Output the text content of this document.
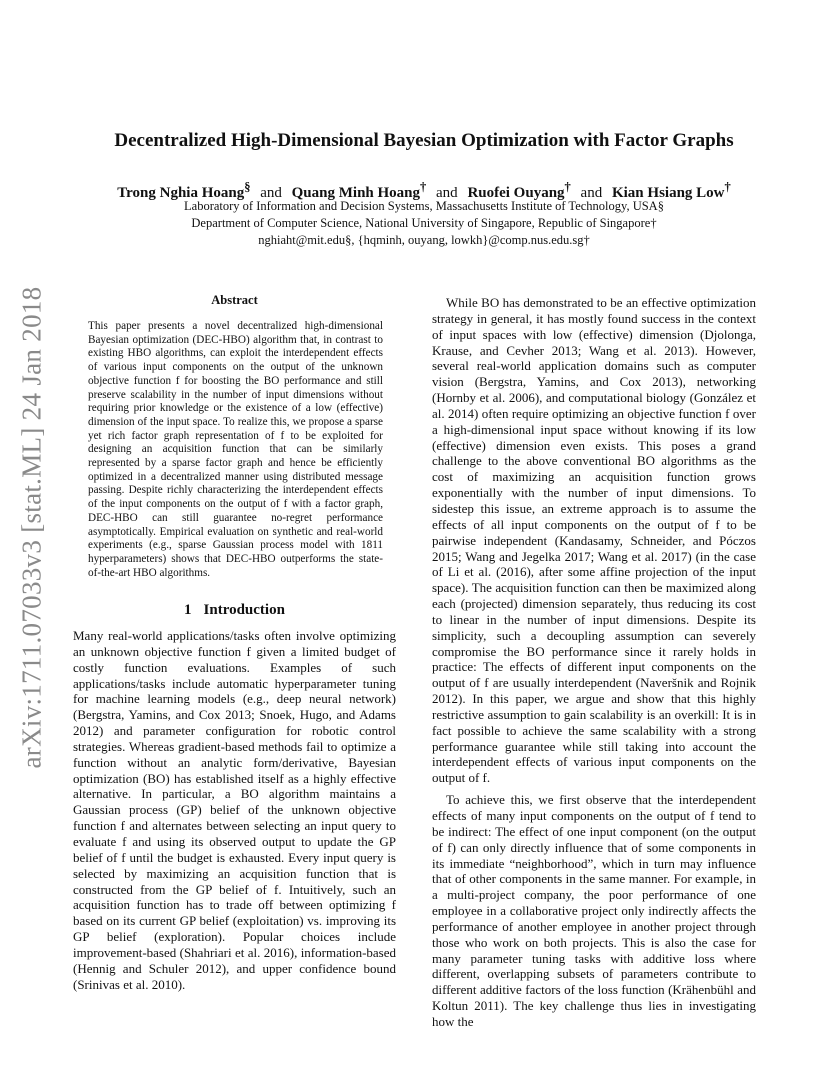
arXiv:1711.07033v3 [stat.ML] 24 Jan 2018
Decentralized High-Dimensional Bayesian Optimization with Factor Graphs
Trong Nghia Hoang§ and Quang Minh Hoang† and Ruofei Ouyang† and Kian Hsiang Low†
Laboratory of Information and Decision Systems, Massachusetts Institute of Technology, USA§
Department of Computer Science, National University of Singapore, Republic of Singapore†
nghiaht@mit.edu§, {hqminh, ouyang, lowkh}@comp.nus.edu.sg†
Abstract
This paper presents a novel decentralized high-dimensional Bayesian optimization (DEC-HBO) algorithm that, in contrast to existing HBO algorithms, can exploit the interdependent effects of various input components on the output of the unknown objective function f for boosting the BO performance and still preserve scalability in the number of input dimensions without requiring prior knowledge or the existence of a low (effective) dimension of the input space. To realize this, we propose a sparse yet rich factor graph representation of f to be exploited for designing an acquisition function that can be similarly represented by a sparse factor graph and hence be efficiently optimized in a decentralized manner using distributed message passing. Despite richly characterizing the interdependent effects of the input components on the output of f with a factor graph, DEC-HBO can still guarantee no-regret performance asymptotically. Empirical evaluation on synthetic and real-world experiments (e.g., sparse Gaussian process model with 1811 hyperparameters) shows that DEC-HBO outperforms the state-of-the-art HBO algorithms.
1 Introduction

Many real-world applications/tasks often involve optimizing an unknown objective function f given a limited budget of costly function evaluations. Examples of such applications/tasks include automatic hyperparameter tuning for machine learning models (e.g., deep neural network) (Bergstra, Yamins, and Cox 2013; Snoek, Hugo, and Adams 2012) and parameter configuration for robotic control strategies. Whereas gradient-based methods fail to optimize a function without an analytic form/derivative, Bayesian optimization (BO) has established itself as a highly effective alternative. In particular, a BO algorithm maintains a Gaussian process (GP) belief of the unknown objective function f and alternates between selecting an input query to evaluate f and using its observed output to update the GP belief of f until the budget is exhausted. Every input query is selected by maximizing an acquisition function that is constructed from the GP belief of f. Intuitively, such an acquisition function has to trade off between optimizing f based on its current GP belief (exploitation) vs. improving its GP belief (exploration). Popular choices include improvement-based (Shahriari et al. 2016), information-based (Hennig and Schuler 2012), and upper confidence bound (Srinivas et al. 2010).

While BO has demonstrated to be an effective optimization strategy in general, it has mostly found success in the context of input spaces with low (effective) dimension (Djolonga, Krause, and Cevher 2013; Wang et al. 2013). However, several real-world application domains such as computer vision (Bergstra, Yamins, and Cox 2013), networking (Hornby et al. 2006), and computational biology (González et al. 2014) often require optimizing an objective function f over a high-dimensional input space without knowing if its low (effective) dimension even exists. This poses a grand challenge to the above conventional BO algorithms as the cost of maximizing an acquisition function grows exponentially with the number of input dimensions. To sidestep this issue, an extreme approach is to assume the effects of all input components on the output of f to be pairwise independent (Kandasamy, Schneider, and Póczos 2015; Wang and Jegelka 2017; Wang et al. 2017) (in the case of Li et al. (2016), after some affine projection of the input space). The acquisition function can then be maximized along each (projected) dimension separately, thus reducing its cost to linear in the number of input dimensions. Despite its simplicity, such a decoupling assumption can severely compromise the BO performance since it rarely holds in practice: The effects of different input components on the output of f are usually interdependent (Naveršnik and Rojnik 2012). In this paper, we argue and show that this highly restrictive assumption to gain scalability is an overkill: It is in fact possible to achieve the same scalability with a strong performance guarantee while still taking into account the interdependent effects of various input components on the output of f.

To achieve this, we first observe that the interdependent effects of many input components on the output of f tend to be indirect: The effect of one input component (on the output of f) can only directly influence that of some components in its immediate “neighborhood”, which in turn may influence that of other components in the same manner. For example, in a multi-project company, the poor performance of one employee in a collaborative project only indirectly affects the performance of another employee in another project through those who work on both projects. This is also the case for many parameter tuning tasks with additive loss where different, overlapping subsets of parameters contribute to different additive factors of the loss function (Krähenbühl and Koltun 2011). The key challenge thus lies in investigating how the
